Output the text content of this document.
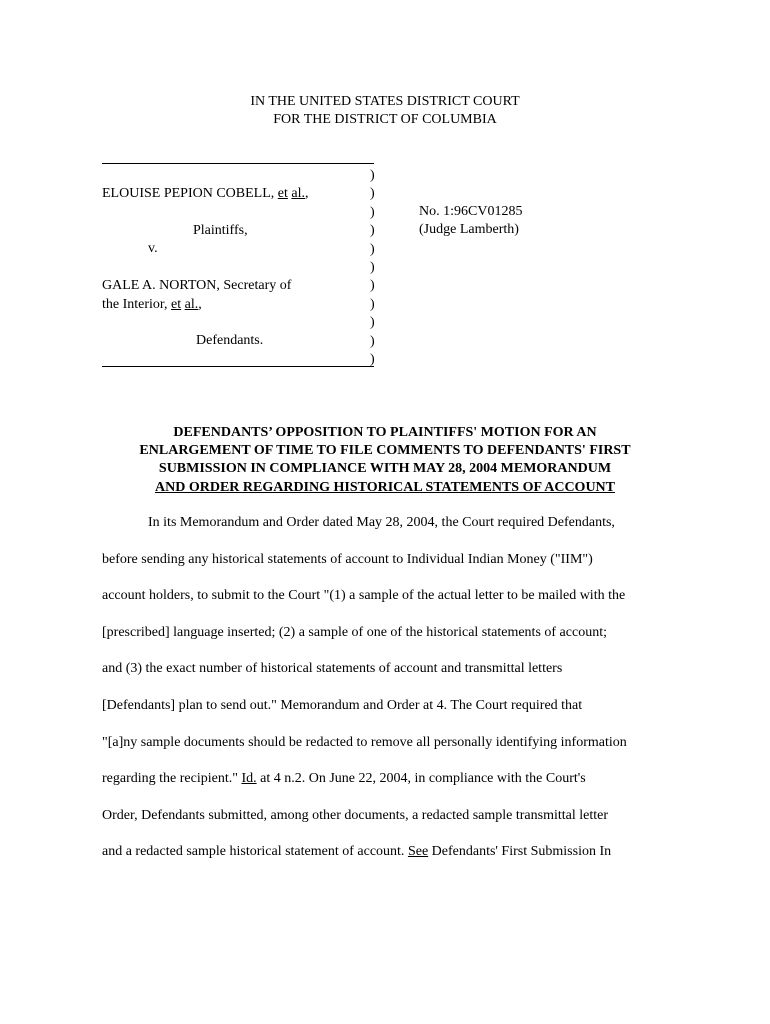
IN THE UNITED STATES DISTRICT COURT
FOR THE DISTRICT OF COLUMBIA
)
)
)
)
)
)
)
)
)
)
)
ELOUISE PEPION COBELL, et al.,
Plaintiffs,
v.
GALE A. NORTON, Secretary of
the Interior, et al.,
Defendants.
No. 1:96CV01285
(Judge Lamberth)
DEFENDANTS’ OPPOSITION TO PLAINTIFFS' MOTION FOR AN
ENLARGEMENT OF TIME TO FILE COMMENTS TO DEFENDANTS' FIRST
SUBMISSION IN COMPLIANCE WITH MAY 28, 2004 MEMORANDUM
AND ORDER REGARDING HISTORICAL STATEMENTS OF ACCOUNT
In its Memorandum and Order dated May 28, 2004, the Court required Defendants,
before sending any historical statements of account to Individual Indian Money ("IIM")
account holders, to submit to the Court "(1) a sample of the actual letter to be mailed with the
[prescribed] language inserted; (2) a sample of one of the historical statements of account;
and (3) the exact number of historical statements of account and transmittal letters
[Defendants] plan to send out." Memorandum and Order at 4. The Court required that
"[a]ny sample documents should be redacted to remove all personally identifying information
regarding the recipient." Id. at 4 n.2. On June 22, 2004, in compliance with the Court's
Order, Defendants submitted, among other documents, a redacted sample transmittal letter
and a redacted sample historical statement of account. See Defendants' First Submission In
